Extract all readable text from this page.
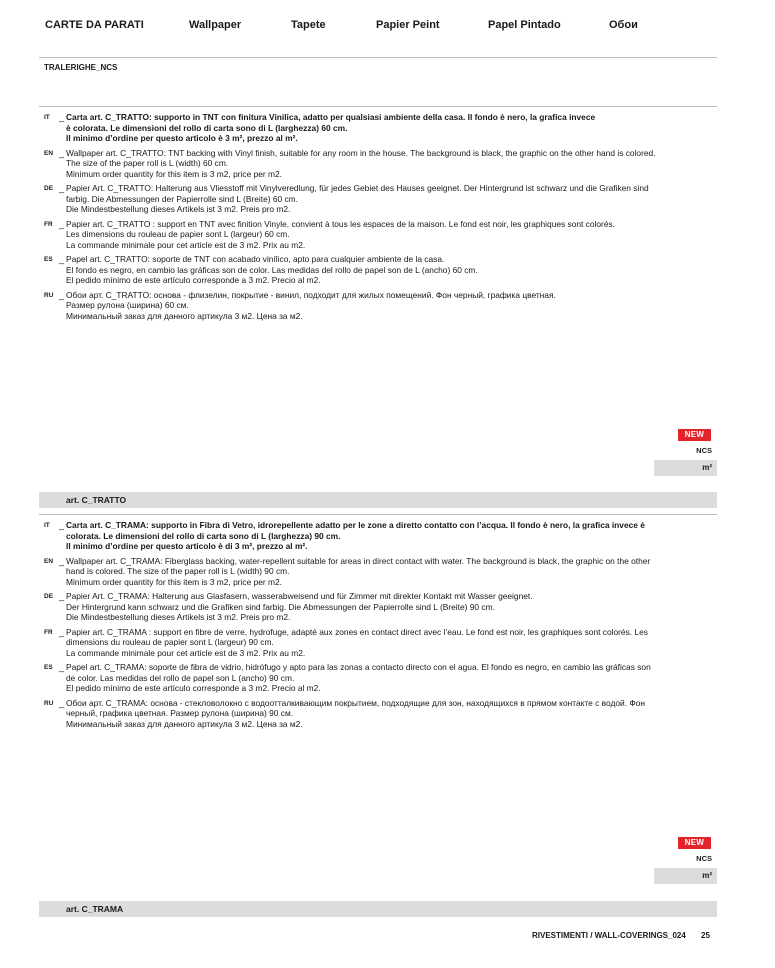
CARTE DA PARATI	Wallpaper	Tapete	Papier Peint	Papel Pintado	Обои
TRALERIGHE_NCS
IT	_ Carta art. C_TRATTO: supporto in TNT con finitura Vinilica, adatto per qualsiasi ambiente della casa. Il fondo è nero, la grafica invece
è colorata. Le dimensioni del rollo di carta sono di L (larghezza) 60 cm.
Il minimo d’ordine per questo articolo è 3 m², prezzo al m².
EN _ Wallpaper art. C_TRATTO: TNT backing with Vinyl finish, suitable for any room in the house. The background is black, the graphic on the other hand is colored.
The size of the paper roll is L (width) 60 cm.
Minimum order quantity for this item is 3 m2, price per m2.
DE _ Papier Art. C_TRATTO: Halterung aus Vliesstoff mit Vinylveredlung, für jedes Gebiet des Hauses geeignet. Der Hintergrund ist schwarz und die Grafiken sind
farbig. Die Abmessungen der Papierrolle sind L (Breite) 60 cm.
Die Mindestbestellung dieses Artikels ist 3 m2. Preis pro m2.
FR _ Papier art. C_TRATTO : support en TNT avec finition Vinyle, convient à tous les espaces de la maison. Le fond est noir, les graphiques sont colorés.
Les dimensions du rouleau de papier sont L (largeur) 60 cm.
La commande minimale pour cet article est de 3 m2. Prix au m2.
ES _ Papel art. C_TRATTO: soporte de TNT con acabado vinílico, apto para cualquier ambiente de la casa.
El fondo es negro, en cambio las gráficas son de color. Las medidas del rollo de papel son de L (ancho) 60 cm.
El pedido mínimo de este artículo corresponde a 3 m2. Precio al m2.
RU _ Обои арт. C_TRATTO: основа - флизелин, покрытие - винил, подходит для жилых помещений. Фон черный, графика цветная.
Размер рулона (ширина) 60 см.
Минимальный заказ для данного артикула 3 м2. Цена за м2.
NEW
NCS
m²
art. C_TRATTO
IT	_ Carta art. C_TRAMA: supporto in Fibra di Vetro, idrorepellente adatto per le zone a diretto contatto con l’acqua. Il fondo è nero, la grafica invece è
colorata. Le dimensioni del rollo di carta sono di L (larghezza) 90 cm.
Il minimo d’ordine per questo articolo è di 3 m², prezzo al m².
EN _ Wallpaper art. C_TRAMA: Fiberglass backing, water-repellent suitable for areas in direct contact with water. The background is black, the graphic on the other
hand is colored. The size of the paper roll is L (width) 90 cm.
Minimum order quantity for this item is 3 m2, price per m2.
DE _ Papier Art. C_TRAMA: Halterung aus Glasfasern, wasserabweisend und für Zimmer mit direkter Kontakt mit Wasser geeignet.
Der Hintergrund kann schwarz und die Grafiken sind farbig. Die Abmessungen der Papierrolle sind L (Breite) 90 cm.
Die Mindestbestellung dieses Artikels ist 3 m2. Preis pro m2.
FR _ Papier art. C_TRAMA : support en fibre de verre, hydrofuge, adapté aux zones en contact direct avec l’eau. Le fond est noir, les graphiques sont colorés. Les
dimensions du rouleau de papier sont L (largeur) 90 cm.
La commande minimale pour cet article est de 3 m2. Prix au m2.
ES _ Papel art. C_TRAMA: soporte de fibra de vidrio, hidrófugo y apto para las zonas a contacto directo con el agua. El fondo es negro, en cambio las gráficas son
de color. Las medidas del rollo de papel son L (ancho) 90 cm.
El pedido mínimo de este artículo corresponde a 3 m2. Precio al m2.
RU _ Обои арт. C_TRAMA: основа - стекловолокно с водоотталкивающим покрытием, подходящие для зон, находящихся в прямом контакте с водой. Фон
черный, графика цветная. Размер рулона (ширина) 90 см.
Минимальный заказ для данного артикула 3 м2. Цена за м2.
NEW
NCS
m²
art. C_TRAMA
RIVESTIMENTI / WALL-COVERINGS_024 25
